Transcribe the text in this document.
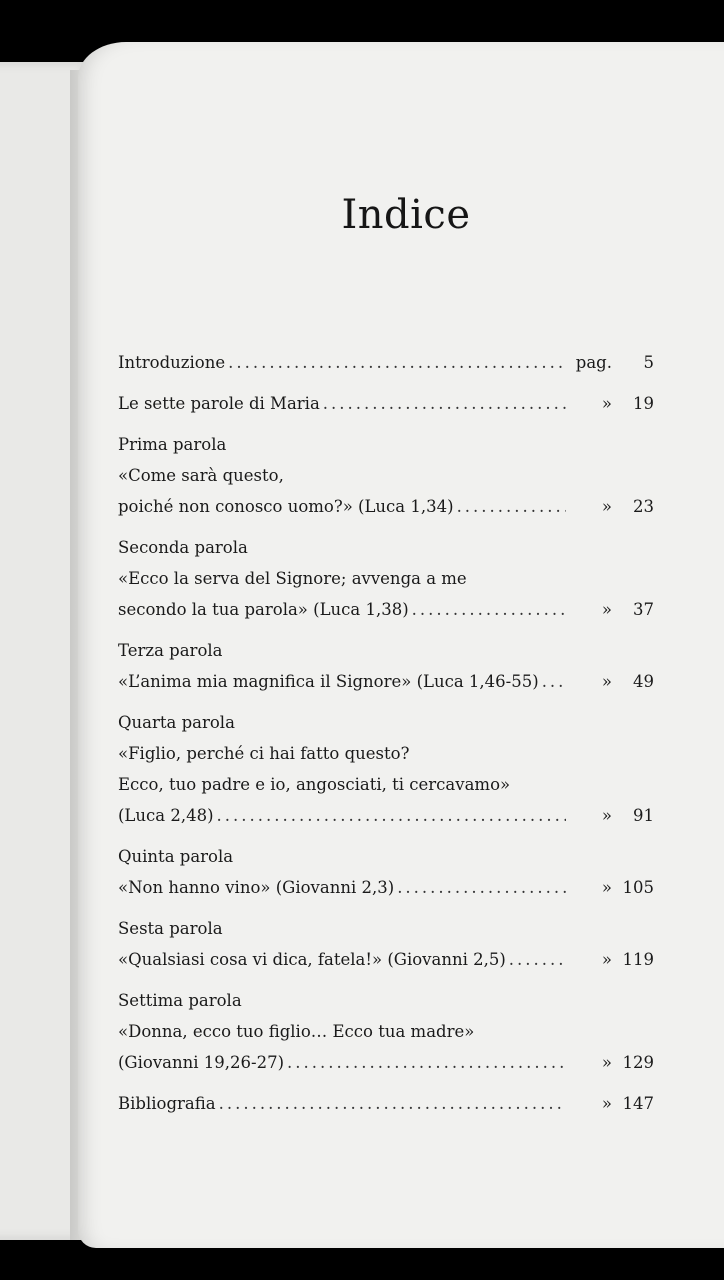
Indice
Introduzione .....	pag.	5
Le sette parole di Maria .....	»	19
Prima parola
«Come sarà questo,
poiché non conosco uomo?» (Luca 1,34) .....	»	23
Seconda parola
«Ecco la serva del Signore; avvenga a me
secondo la tua parola» (Luca 1,38) .....	»	37
Terza parola
«L’anima mia magnifica il Signore» (Luca 1,46-55) .....	»	49
Quarta parola
«Figlio, perché ci hai fatto questo?
Ecco, tuo padre e io, angosciati, ti cercavamo»
(Luca 2,48) .....	»	91
Quinta parola
«Non hanno vino» (Giovanni 2,3) .....	» 105
Sesta parola
«Qualsiasi cosa vi dica, fatela!» (Giovanni 2,5) .....	» 119
Settima parola
«Donna, ecco tuo figlio… Ecco tua madre»
(Giovanni 19,26-27) .....	» 129
Bibliografia .....	» 147
